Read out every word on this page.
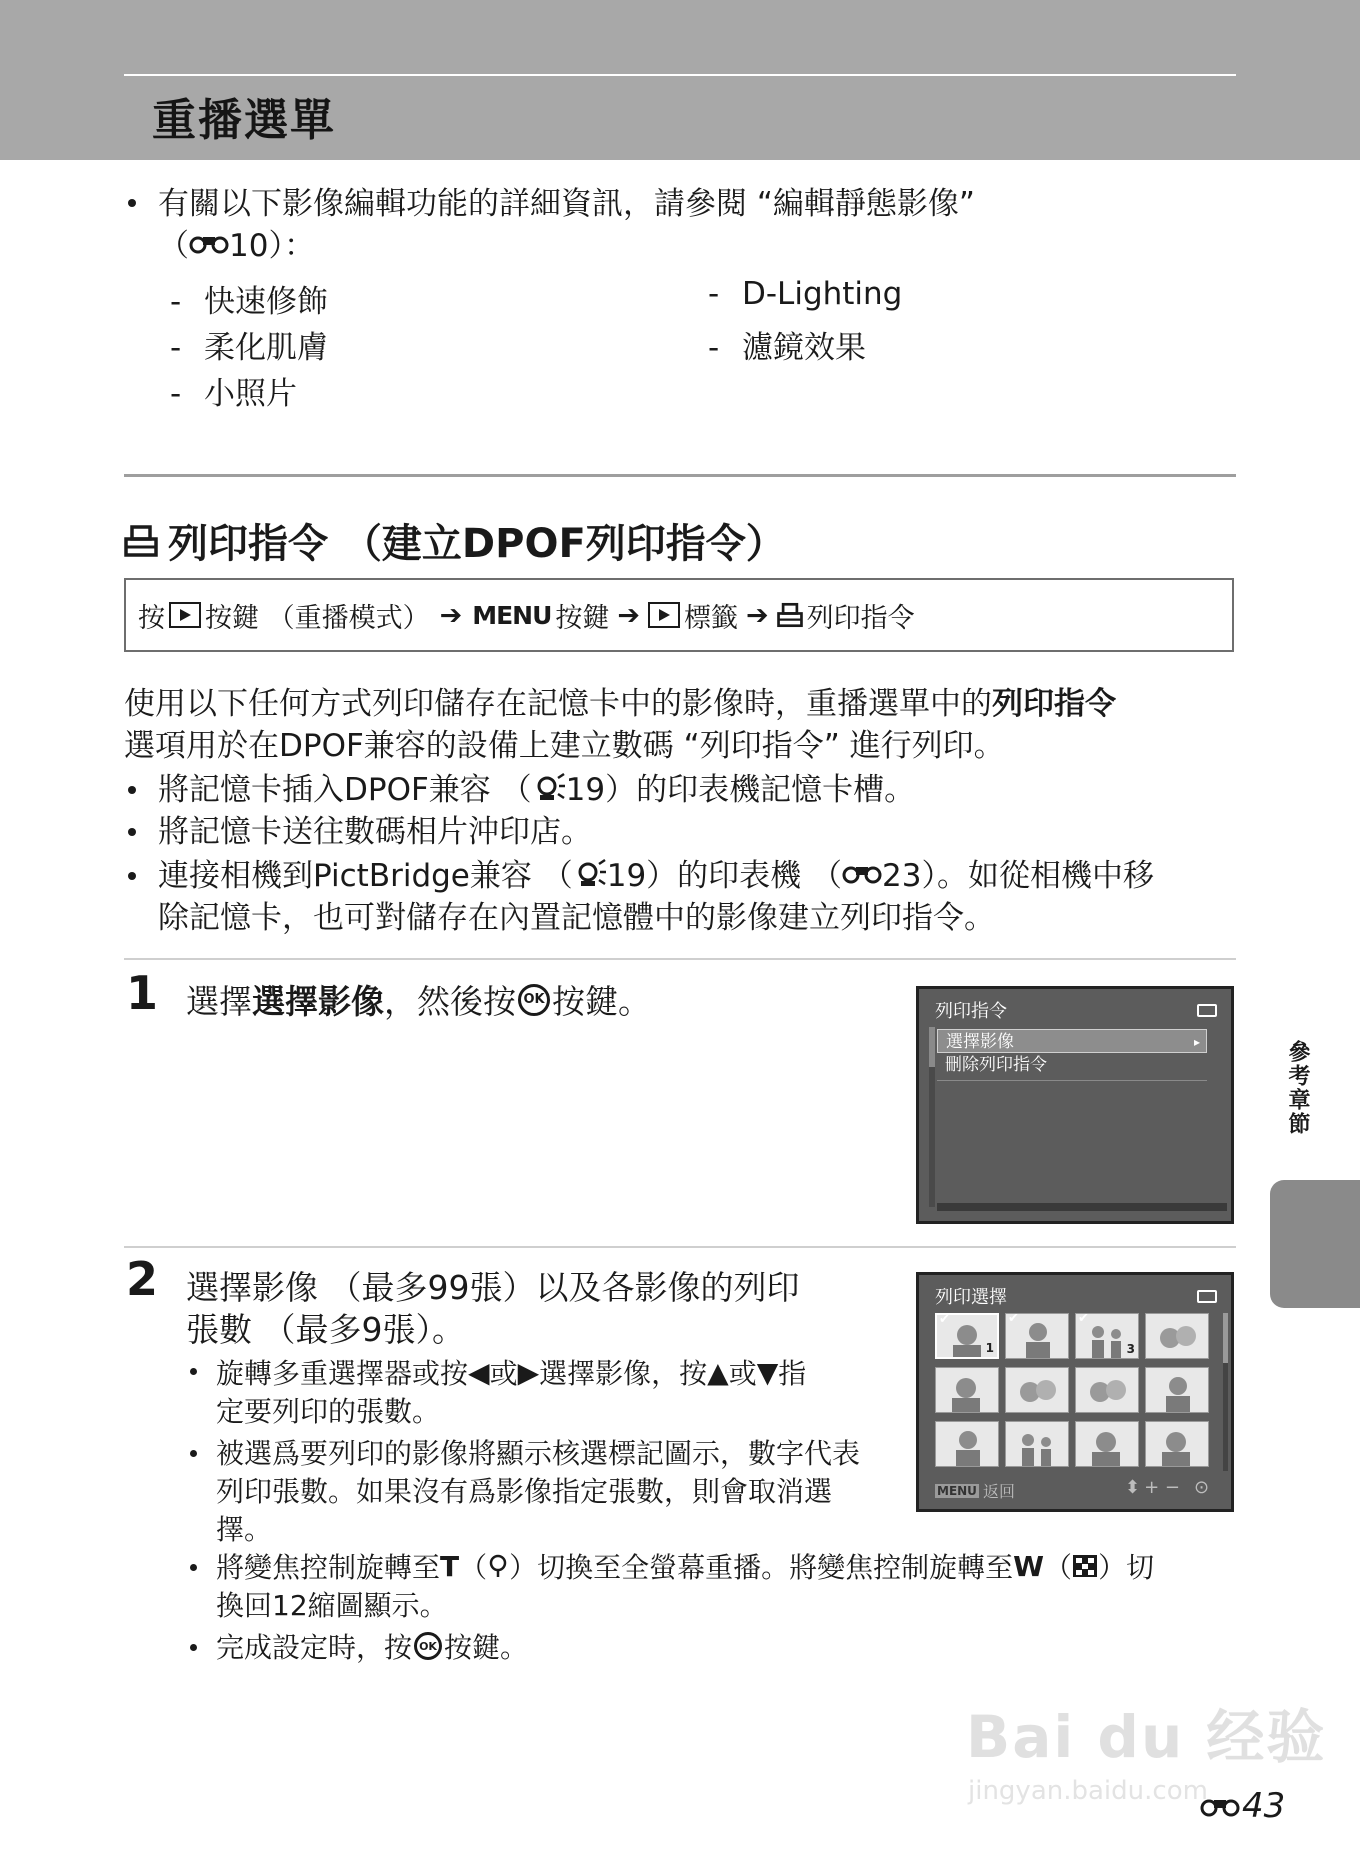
重播選單
有關以下影像編輯功能的詳細資訊，請參閱 “編輯靜態影像”
（ 10）：
- 快速修飾
- 柔化肌膚
- 小照片
- D-Lighting
- 濾鏡效果
列印指令 （建立DPOF列印指令）
按 按鍵 （重播模式） ➔ MENU 按鍵 ➔ 標籤 ➔ 列印指令
使用以下任何方式列印儲存在記憶卡中的影像時，重播選單中的列印指令
選項用於在DPOF兼容的設備上建立數碼 “列印指令” 進行列印。
將記憶卡插入DPOF兼容 （ 19）的印表機記憶卡槽。
將記憶卡送往數碼相片沖印店。
連接相機到PictBridge兼容 （ 19）的印表機 （ 23）。如從相機中移
除記憶卡，也可對儲存在內置記憶體中的影像建立列印指令。
1 選擇 選擇影像 ，然後按 OK 按鍵。	列印指令
選擇影像	▸
刪除列印指令
2 選擇影像 （最多99張）以及各影像的列印
張數 （最多9張）。
旋轉多重選擇器或按 ◀ 或 ▶ 選擇影像，按 ▲ 或 ▼ 指
定要列印的張數。
被選爲要列印的影像將顯示核選標記圖示，數字代表
列印張數。如果沒有爲影像指定張數，則會取消選
擇。
將變焦控制旋轉至 T （ ）切換至全螢幕重播。將變焦控制旋轉至 W （ ）切
換回12縮圖顯示。
完成設定時，按 OK 按鍵。
列印選擇
✔
1
✔	✔
3
MENU 返回	⬍ + − ⊙
參考章節
Bai du 经验
jingyan.baidu.com 43
